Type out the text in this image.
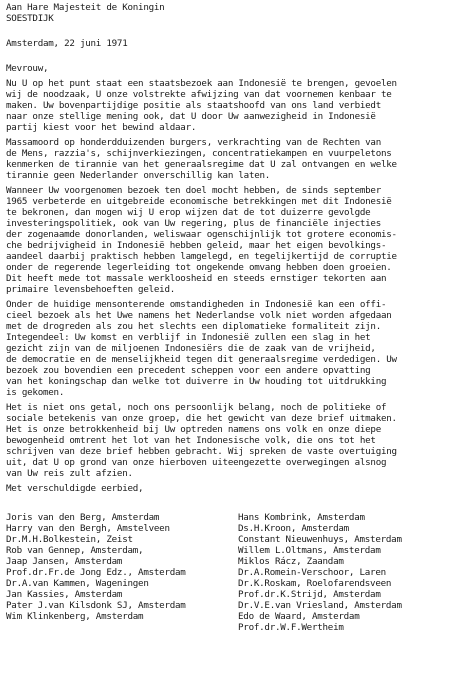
Aan Hare Majesteit de Koningin
SOESTDIJK
Amsterdam, 22 juni 1971
Mevrouw,
Nu U op het punt staat een staatsbezoek aan Indonesië te brengen, gevoelen
wij de noodzaak, U onze volstrekte afwijzing van dat voornemen kenbaar te
maken. Uw bovenpartijdige positie als staatshoofd van ons land verbiedt
naar onze stellige mening ook, dat U door Uw aanwezigheid in Indonesië
partij kiest voor het bewind aldaar.
Massamoord op honderdduizenden burgers, verkrachting van de Rechten van
de Mens, razzia's, schijnverkiezingen, concentratiekampen en vuurpeletons
kenmerken de tirannie van het generaalsregime dat U zal ontvangen en welke
tirannie geen Nederlander onverschillig kan laten.
Wanneer Uw voorgenomen bezoek ten doel mocht hebben, de sinds september
1965 verbeterde en uitgebreide economische betrekkingen met dit Indonesië
te bekronen, dan mogen wij U erop wijzen dat de tot duizerre gevolgde
investeringspolitiek, ook van Uw regering, plus de financiële injecties
der zogenaamde donorlanden, weliswaar ogenschijnlijk tot grotere economis-
che bedrijvigheid in Indonesië hebben geleid, maar het eigen bevolkings-
aandeel daarbij praktisch hebben lamgelegd, en tegelijkertijd de corruptie
onder de regerende legerleiding tot ongekende omvang hebben doen groeien.
Dit heeft mede tot massale werkloosheid en steeds ernstiger tekorten aan
primaire levensbehoeften geleid.
Onder de huidige mensonterende omstandigheden in Indonesië kan een offi-
cieel bezoek als het Uwe namens het Nederlandse volk niet worden afgedaan
met de drogreden als zou het slechts een diplomatieke formaliteit zijn.
Integendeel: Uw komst en verblijf in Indonesië zullen een slag in het
gezicht zijn van de miljoenen Indonesiërs die de zaak van de vrijheid,
de democratie en de menselijkheid tegen dit generaalsregime verdedigen. Uw
bezoek zou bovendien een precedent scheppen voor een andere opvatting
van het koningschap dan welke tot duiverre in Uw houding tot uitdrukking
is gekomen.
Het is niet ons getal, noch ons persoonlijk belang, noch de politieke of
sociale betekenis van onze groep, die het gewicht van deze brief uitmaken.
Het is onze betrokkenheid bij Uw optreden namens ons volk en onze diepe
bewogenheid omtrent het lot van het Indonesische volk, die ons tot het
schrijven van deze brief hebben gebracht. Wij spreken de vaste overtuiging
uit, dat U op grond van onze hierboven uiteengezette overwegingen alsnog
van Uw reis zult afzien.
Met verschuldigde eerbied,
Joris van den Berg, Amsterdam
Harry van den Bergh, Amstelveen
Dr.M.H.Bolkestein, Zeist
Rob van Gennep, Amsterdam,
Jaap Jansen, Amsterdam
Prof.dr.Fr.de Jong Edz., Amsterdam
Dr.A.van Kammen, Wageningen
Jan Kassies, Amsterdam
Pater J.van Kilsdonk SJ, Amsterdam
Wim Klinkenberg, Amsterdam
Hans Kombrink, Amsterdam
Ds.H.Kroon, Amsterdam
Constant Nieuwenhuys, Amsterdam
Willem L.Oltmans, Amsterdam
Miklos Rácz, Zaandam
Dr.A.Romein-Verschoor, Laren
Dr.K.Roskam, Roelofarendsveen
Prof.dr.K.Strijd, Amsterdam
Dr.V.E.van Vriesland, Amsterdam
Edo de Waard, Amsterdam
Prof.dr.W.F.Wertheim
